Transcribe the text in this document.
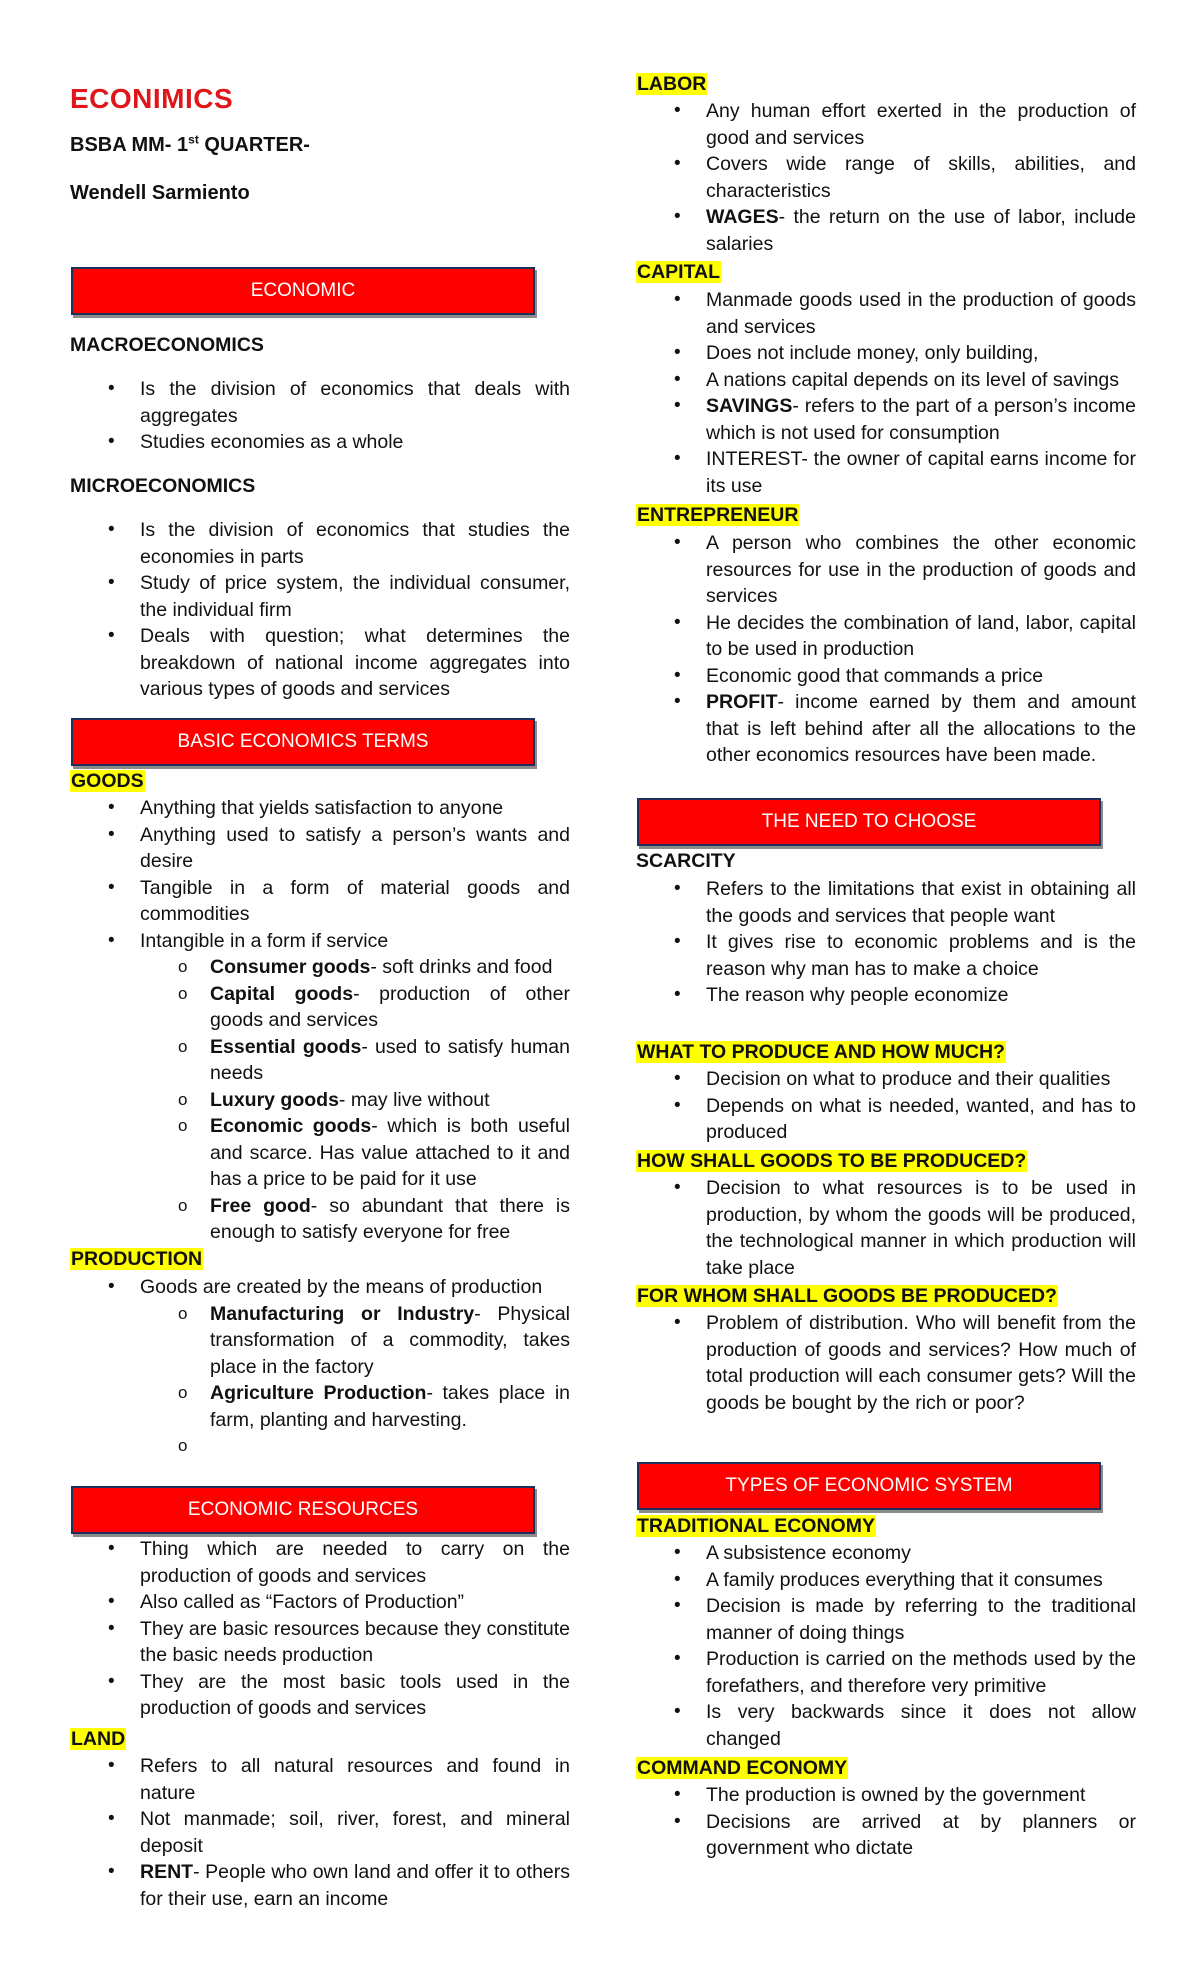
ECONIMICS
BSBA MM- 1st QUARTER-
Wendell Sarmiento
ECONOMIC
MACROECONOMICS
• Is the division of economics that deals with aggregates
• Studies economies as a whole
MICROECONOMICS
• Is the division of economics that studies the economies in parts
• Study of price system, the individual consumer, the individual firm
• Deals with question; what determines the breakdown of national income aggregates into various types of goods and services
BASIC ECONOMICS TERMS
GOODS
• Anything that yields satisfaction to anyone
• Anything used to satisfy a person’s wants and desire
• Tangible in a form of material goods and commodities
• Intangible in a form if service
o Consumer goods- soft drinks and food
o Capital goods- production of other goods and services
o Essential goods- used to satisfy human needs
o Luxury goods- may live without
o Economic goods- which is both useful and scarce. Has value attached to it and has a price to be paid for it use
o Free good- so abundant that there is enough to satisfy everyone for free
PRODUCTION
• Goods are created by the means of production
o Manufacturing or Industry- Physical transformation of a commodity, takes place in the factory
o Agriculture Production- takes place in farm, planting and harvesting.
o
ECONOMIC RESOURCES
• Thing which are needed to carry on the production of goods and services
• Also called as “Factors of Production”
• They are basic resources because they constitute the basic needs production
• They are the most basic tools used in the production of goods and services
LAND
• Refers to all natural resources and found in nature
• Not manmade; soil, river, forest, and mineral deposit
• RENT- People who own land and offer it to others for their use, earn an income
LABOR
• Any human effort exerted in the production of good and services
• Covers wide range of skills, abilities, and characteristics
• WAGES- the return on the use of labor, include salaries
CAPITAL
• Manmade goods used in the production of goods and services
• Does not include money, only building,
• A nations capital depends on its level of savings
• SAVINGS- refers to the part of a person’s income which is not used for consumption
• INTEREST- the owner of capital earns income for its use
ENTREPRENEUR
• A person who combines the other economic resources for use in the production of goods and services
• He decides the combination of land, labor, capital to be used in production
• Economic good that commands a price
• PROFIT- income earned by them and amount that is left behind after all the allocations to the other economics resources have been made.
THE NEED TO CHOOSE
SCARCITY
• Refers to the limitations that exist in obtaining all the goods and services that people want
• It gives rise to economic problems and is the reason why man has to make a choice
• The reason why people economize
WHAT TO PRODUCE AND HOW MUCH?
• Decision on what to produce and their qualities
• Depends on what is needed, wanted, and has to produced
HOW SHALL GOODS TO BE PRODUCED?
• Decision to what resources is to be used in production, by whom the goods will be produced, the technological manner in which production will take place
FOR WHOM SHALL GOODS BE PRODUCED?
• Problem of distribution. Who will benefit from the production of goods and services? How much of total production will each consumer gets? Will the goods be bought by the rich or poor?
TYPES OF ECONOMIC SYSTEM
TRADITIONAL ECONOMY
• A subsistence economy
• A family produces everything that it consumes
• Decision is made by referring to the traditional manner of doing things
• Production is carried on the methods used by the forefathers, and therefore very primitive
• Is very backwards since it does not allow changed
COMMAND ECONOMY
• The production is owned by the government
• Decisions are arrived at by planners or government who dictate
